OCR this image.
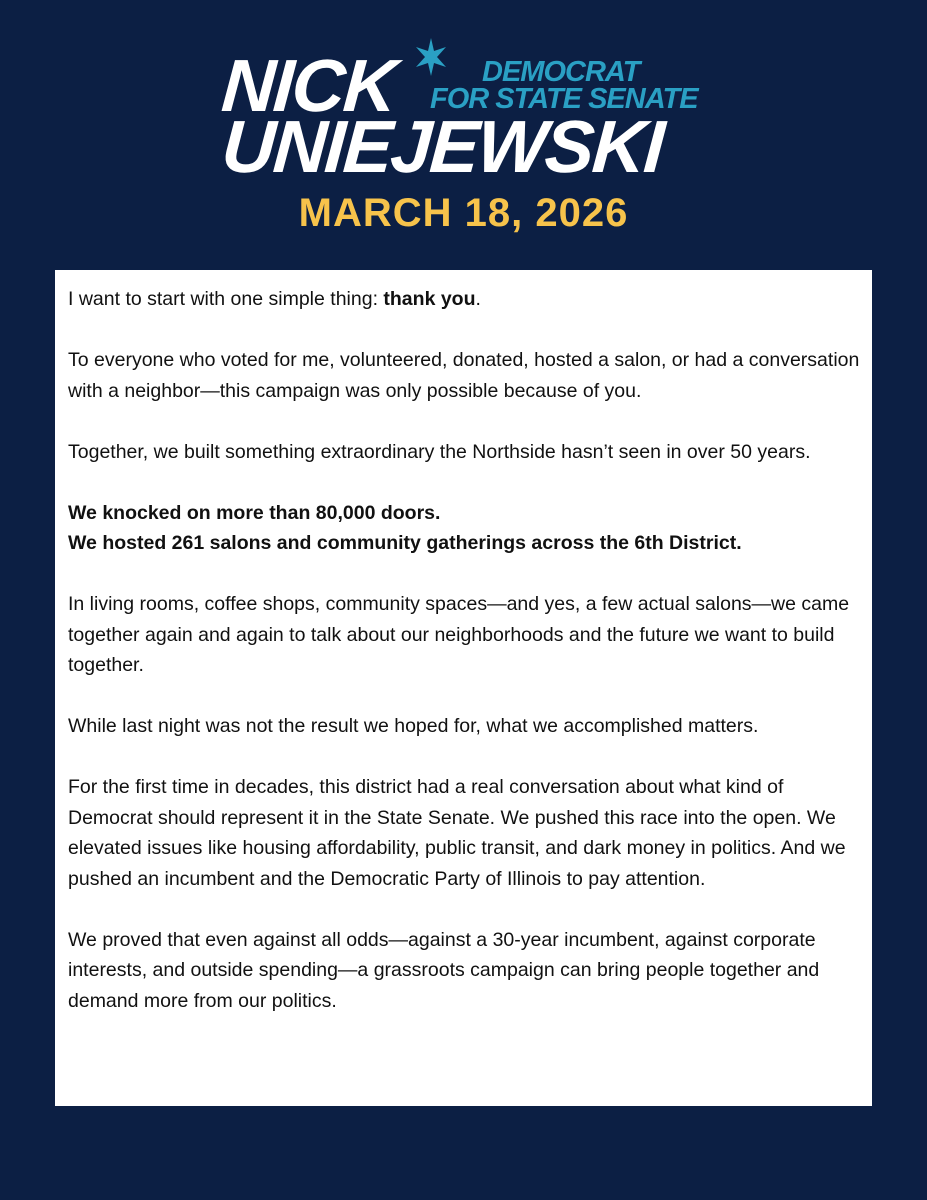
NICK	DEMOCRAT
FOR STATE SENATE
UNIEJEWSKI
MARCH 18, 2026

I want to start with one simple thing: thank you.

To everyone who voted for me, volunteered, donated, hosted a salon, or had a conversation with a neighbor—this campaign was only possible because of you.

Together, we built something extraordinary the Northside hasn’t seen in over 50 years.

We knocked on more than 80,000 doors.
We hosted 261 salons and community gatherings across the 6th District.

In living rooms, coffee shops, community spaces—and yes, a few actual salons—we came together again and again to talk about our neighborhoods and the future we want to build together.

While last night was not the result we hoped for, what we accomplished matters.

For the first time in decades, this district had a real conversation about what kind of Democrat should represent it in the State Senate. We pushed this race into the open. We elevated issues like housing affordability, public transit, and dark money in politics. And we pushed an incumbent and the Democratic Party of Illinois to pay attention.

We proved that even against all odds—against a 30-year incumbent, against corporate interests, and outside spending—a grassroots campaign can bring people together and demand more from our politics.
